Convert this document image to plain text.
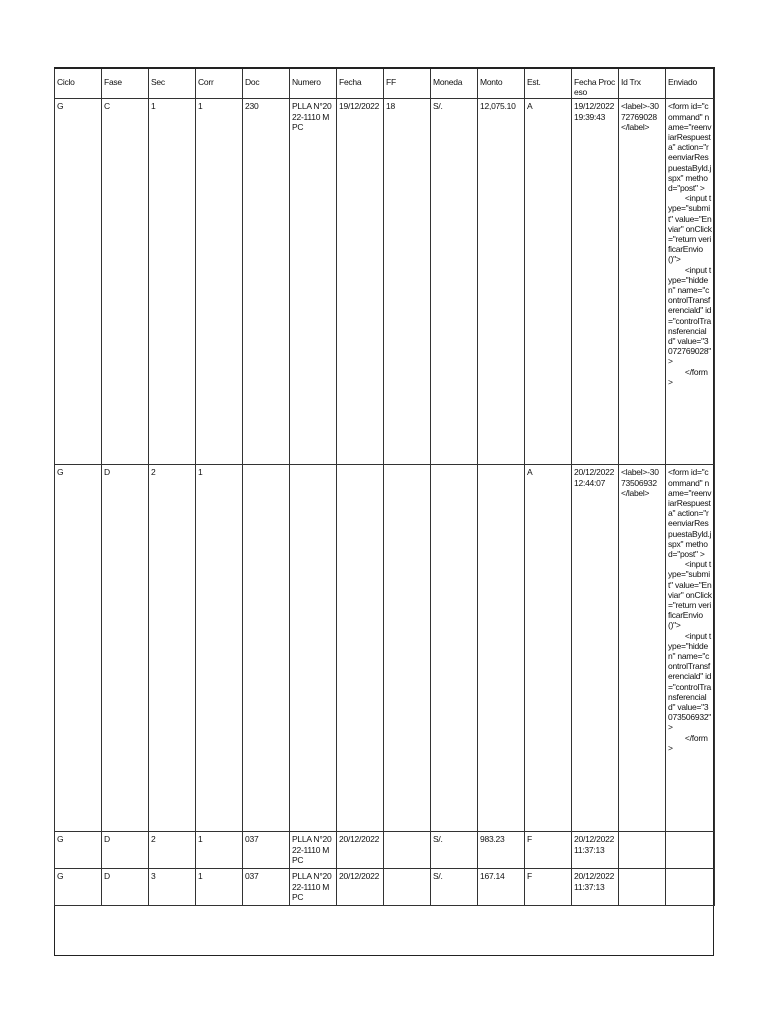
Ciclo	Fase	Sec	Corr	Doc	Numero	Fecha	FF	Moneda	Monto	Est.	Fecha Proceso	Id Trx	Enviado
G	C	1	1	230	PLLA N°2022-1110 MPC	19/12/2022	18	S/.	12,075.10	A	19/12/2022 19:39:43	<label>-3072769028</label>	<form id="command" name="reenviarRespuesta" action="reenviarRespuestaByld.jspx" method="post" >
<input type="submit" value="Enviar" onClick="return verificarEnvio()">
<input type="hidden" name="controlTransferenciald" id="controlTransferenciald" value="3072769028" >
</form>
G	D	2	1							A	20/12/2022 12:44:07	<label>-3073506932</label>	<form id="command" name="reenviarRespuesta" action="reenviarRespuestaByld.jspx" method="post" >
<input type="submit" value="Enviar" onClick="return verificarEnvio()">
<input type="hidden" name="controlTransferenciald" id="controlTransferenciald" value="3073506932" >
</form>
G	D	2	1	037	PLLA N°2022-1110 MPC	20/12/2022		S/.	983.23	F	20/12/2022 11:37:13		
G	D	3	1	037	PLLA N°2022-1110 MPC	20/12/2022		S/.	167.14	F	20/12/2022 11:37:13		
